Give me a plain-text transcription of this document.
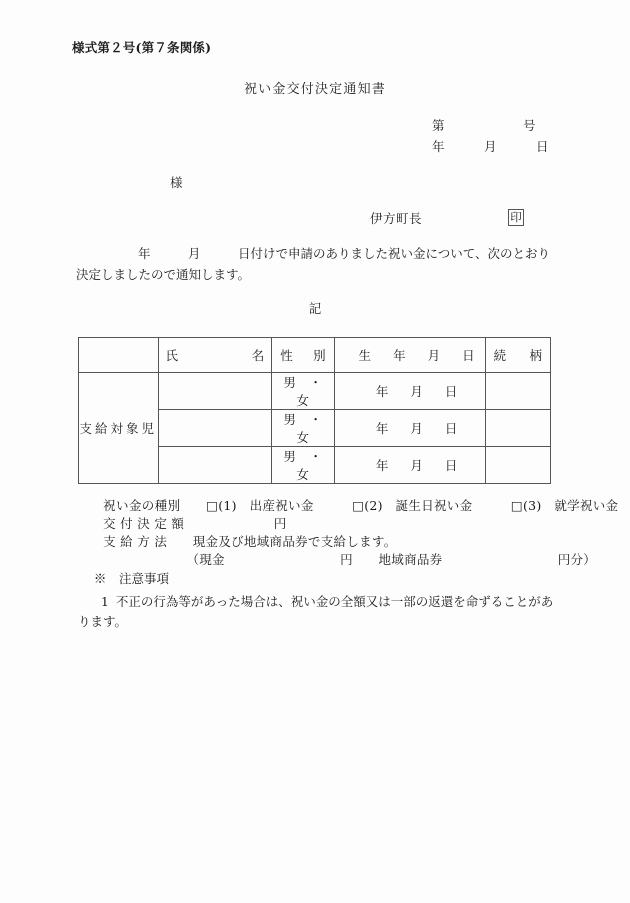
様式第２号(第７条関係)
祝い金交付決定通知書
第　　　　　　号
年　　　月　　　日
様
伊方町長	印
年　　　月　　　日付けで申請のありました祝い金について、次のとおり決定しましたので通知します。
記

	氏 名	性 別	生 年 月 日	続 柄

支給対象児		男　・　女	年 月 日	

		男　・　女	年 月 日	

		男　・　女	年 月 日	

祝い金の種別　　 □(1)　出産祝い金　　　	□(2)　誕生日祝い金　　　	□(3)　就学祝い金

交 付 決 定 額　　　　　　　	円

支 給 方 法　　 現金及び地域商品券で支給します。

　　　　　　　（現金　　　　　　　　　	円　　 地域商品券　　　　　　　　　	円分）

※　 注意事項

1 不正の行為等があった場合は、祝い金の全額又は一部の返還を命ずることがあります。
